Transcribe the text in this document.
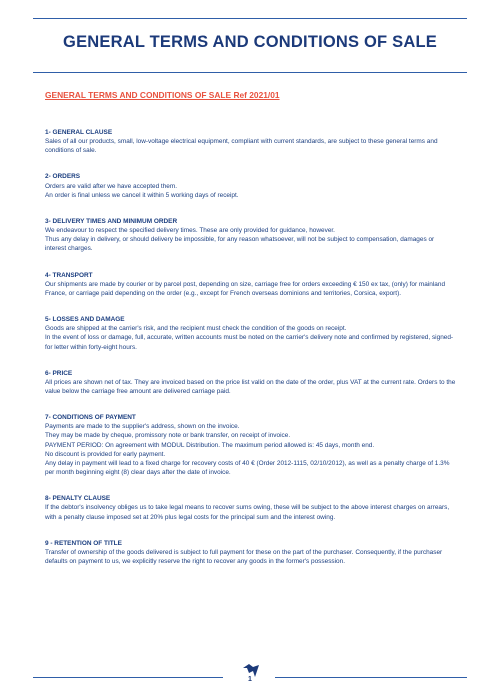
GENERAL TERMS AND CONDITIONS OF SALE
GENERAL TERMS AND CONDITIONS OF SALE Ref 2021/01
1- GENERAL CLAUSE
Sales of all our products, small, low-voltage electrical equipment, compliant with current standards, are subject to these general terms and conditions of sale.
2- ORDERS
Orders are valid after we have accepted them.
An order is final unless we cancel it within 5 working days of receipt.
3- DELIVERY TIMES AND MINIMUM ORDER
We endeavour to respect the specified delivery times. These are only provided for guidance, however.
Thus any delay in delivery, or should delivery be impossible, for any reason whatsoever, will not be subject to compensation, damages or interest charges.
4- TRANSPORT
Our shipments are made by courier or by parcel post, depending on size, carriage free for orders exceeding € 150 ex tax, (only) for mainland France, or carriage paid depending on the order (e.g., except for French overseas dominions and territories, Corsica, export).
5- LOSSES AND DAMAGE
Goods are shipped at the carrier's risk, and the recipient must check the condition of the goods on receipt.
In the event of loss or damage, full, accurate, written accounts must be noted on the carrier's delivery note and confirmed by registered, signed-for letter within forty-eight hours.
6- PRICE
All prices are shown net of tax. They are invoiced based on the price list valid on the date of the order, plus VAT at the current rate. Orders to the value below the carriage free amount are delivered carriage paid.
7- CONDITIONS OF PAYMENT
Payments are made to the supplier's address, shown on the invoice.
They may be made by cheque, promissory note or bank transfer, on receipt of invoice.
PAYMENT PERIOD: On agreement with MODUL Distribution. The maximum period allowed is: 45 days, month end.
No discount is provided for early payment.
Any delay in payment will lead to a fixed charge for recovery costs of 40 € (Order 2012-1115, 02/10/2012), as well as a penalty charge of 1.3% per month beginning eight (8) clear days after the date of invoice.
8- PENALTY CLAUSE
If the debtor's insolvency obliges us to take legal means to recover sums owing, these will be subject to the above interest charges on arrears, with a penalty clause imposed set at 20% plus legal costs for the principal sum and the interest owing.
9 - RETENTION OF TITLE
Transfer of ownership of the goods delivered is subject to full payment for these on the part of the purchaser. Consequently, if the purchaser defaults on payment to us, we explicitly reserve the right to recover any goods in the former's possession.
1
